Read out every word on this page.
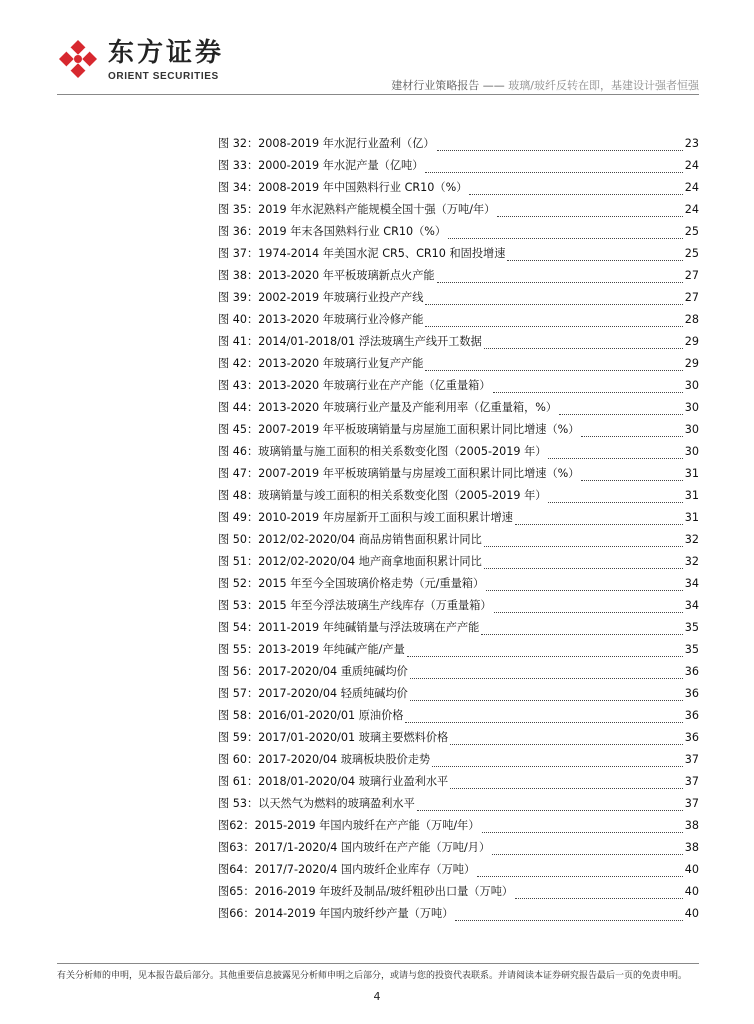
东方证券
ORIENT SECURITIES
建材行业策略报告 —— 玻璃/玻纤反转在即，基建设计强者恒强
图 32：2008-2019 年水泥行业盈利（亿）	23
图 33：2000-2019 年水泥产量（亿吨）	24
图 34：2008-2019 年中国熟料行业 CR10（%）	24
图 35：2019 年水泥熟料产能规模全国十强（万吨/年）	24
图 36：2019 年末各国熟料行业 CR10（%）	25
图 37：1974-2014 年美国水泥 CR5、CR10 和固投增速	25
图 38：2013-2020 年平板玻璃新点火产能	27
图 39：2002-2019 年玻璃行业投产产线	27
图 40：2013-2020 年玻璃行业冷修产能	28
图 41：2014/01-2018/01 浮法玻璃生产线开工数据	29
图 42：2013-2020 年玻璃行业复产产能	29
图 43：2013-2020 年玻璃行业在产产能（亿重量箱）	30
图 44：2013-2020 年玻璃行业产量及产能利用率（亿重量箱，%）	30
图 45：2007-2019 年平板玻璃销量与房屋施工面积累计同比增速（%）	30
图 46：玻璃销量与施工面积的相关系数变化图（2005-2019 年）	30
图 47：2007-2019 年平板玻璃销量与房屋竣工面积累计同比增速（%）	31
图 48：玻璃销量与竣工面积的相关系数变化图（2005-2019 年）	31
图 49：2010-2019 年房屋新开工面积与竣工面积累计增速	31
图 50：2012/02-2020/04 商品房销售面积累计同比	32
图 51：2012/02-2020/04 地产商拿地面积累计同比	32
图 52：2015 年至今全国玻璃价格走势（元/重量箱）	34
图 53：2015 年至今浮法玻璃生产线库存（万重量箱）	34
图 54：2011-2019 年纯碱销量与浮法玻璃在产产能	35
图 55：2013-2019 年纯碱产能/产量	35
图 56：2017-2020/04 重质纯碱均价	36
图 57：2017-2020/04 轻质纯碱均价	36
图 58：2016/01-2020/01 原油价格	36
图 59：2017/01-2020/01 玻璃主要燃料价格	36
图 60：2017-2020/04 玻璃板块股价走势	37
图 61：2018/01-2020/04 玻璃行业盈利水平	37
图 53：以天然气为燃料的玻璃盈利水平	37
图62：2015-2019 年国内玻纤在产产能（万吨/年）	38
图63：2017/1-2020/4 国内玻纤在产产能（万吨/月）	38
图64：2017/7-2020/4 国内玻纤企业库存（万吨）	40
图65：2016-2019 年玻纤及制品/玻纤粗砂出口量（万吨）	40
图66：2014-2019 年国内玻纤纱产量（万吨）	40
有关分析师的申明，见本报告最后部分。其他重要信息披露见分析师申明之后部分，或请与您的投资代表联系。并请阅读本证券研究报告最后一页的免责申明。
4
